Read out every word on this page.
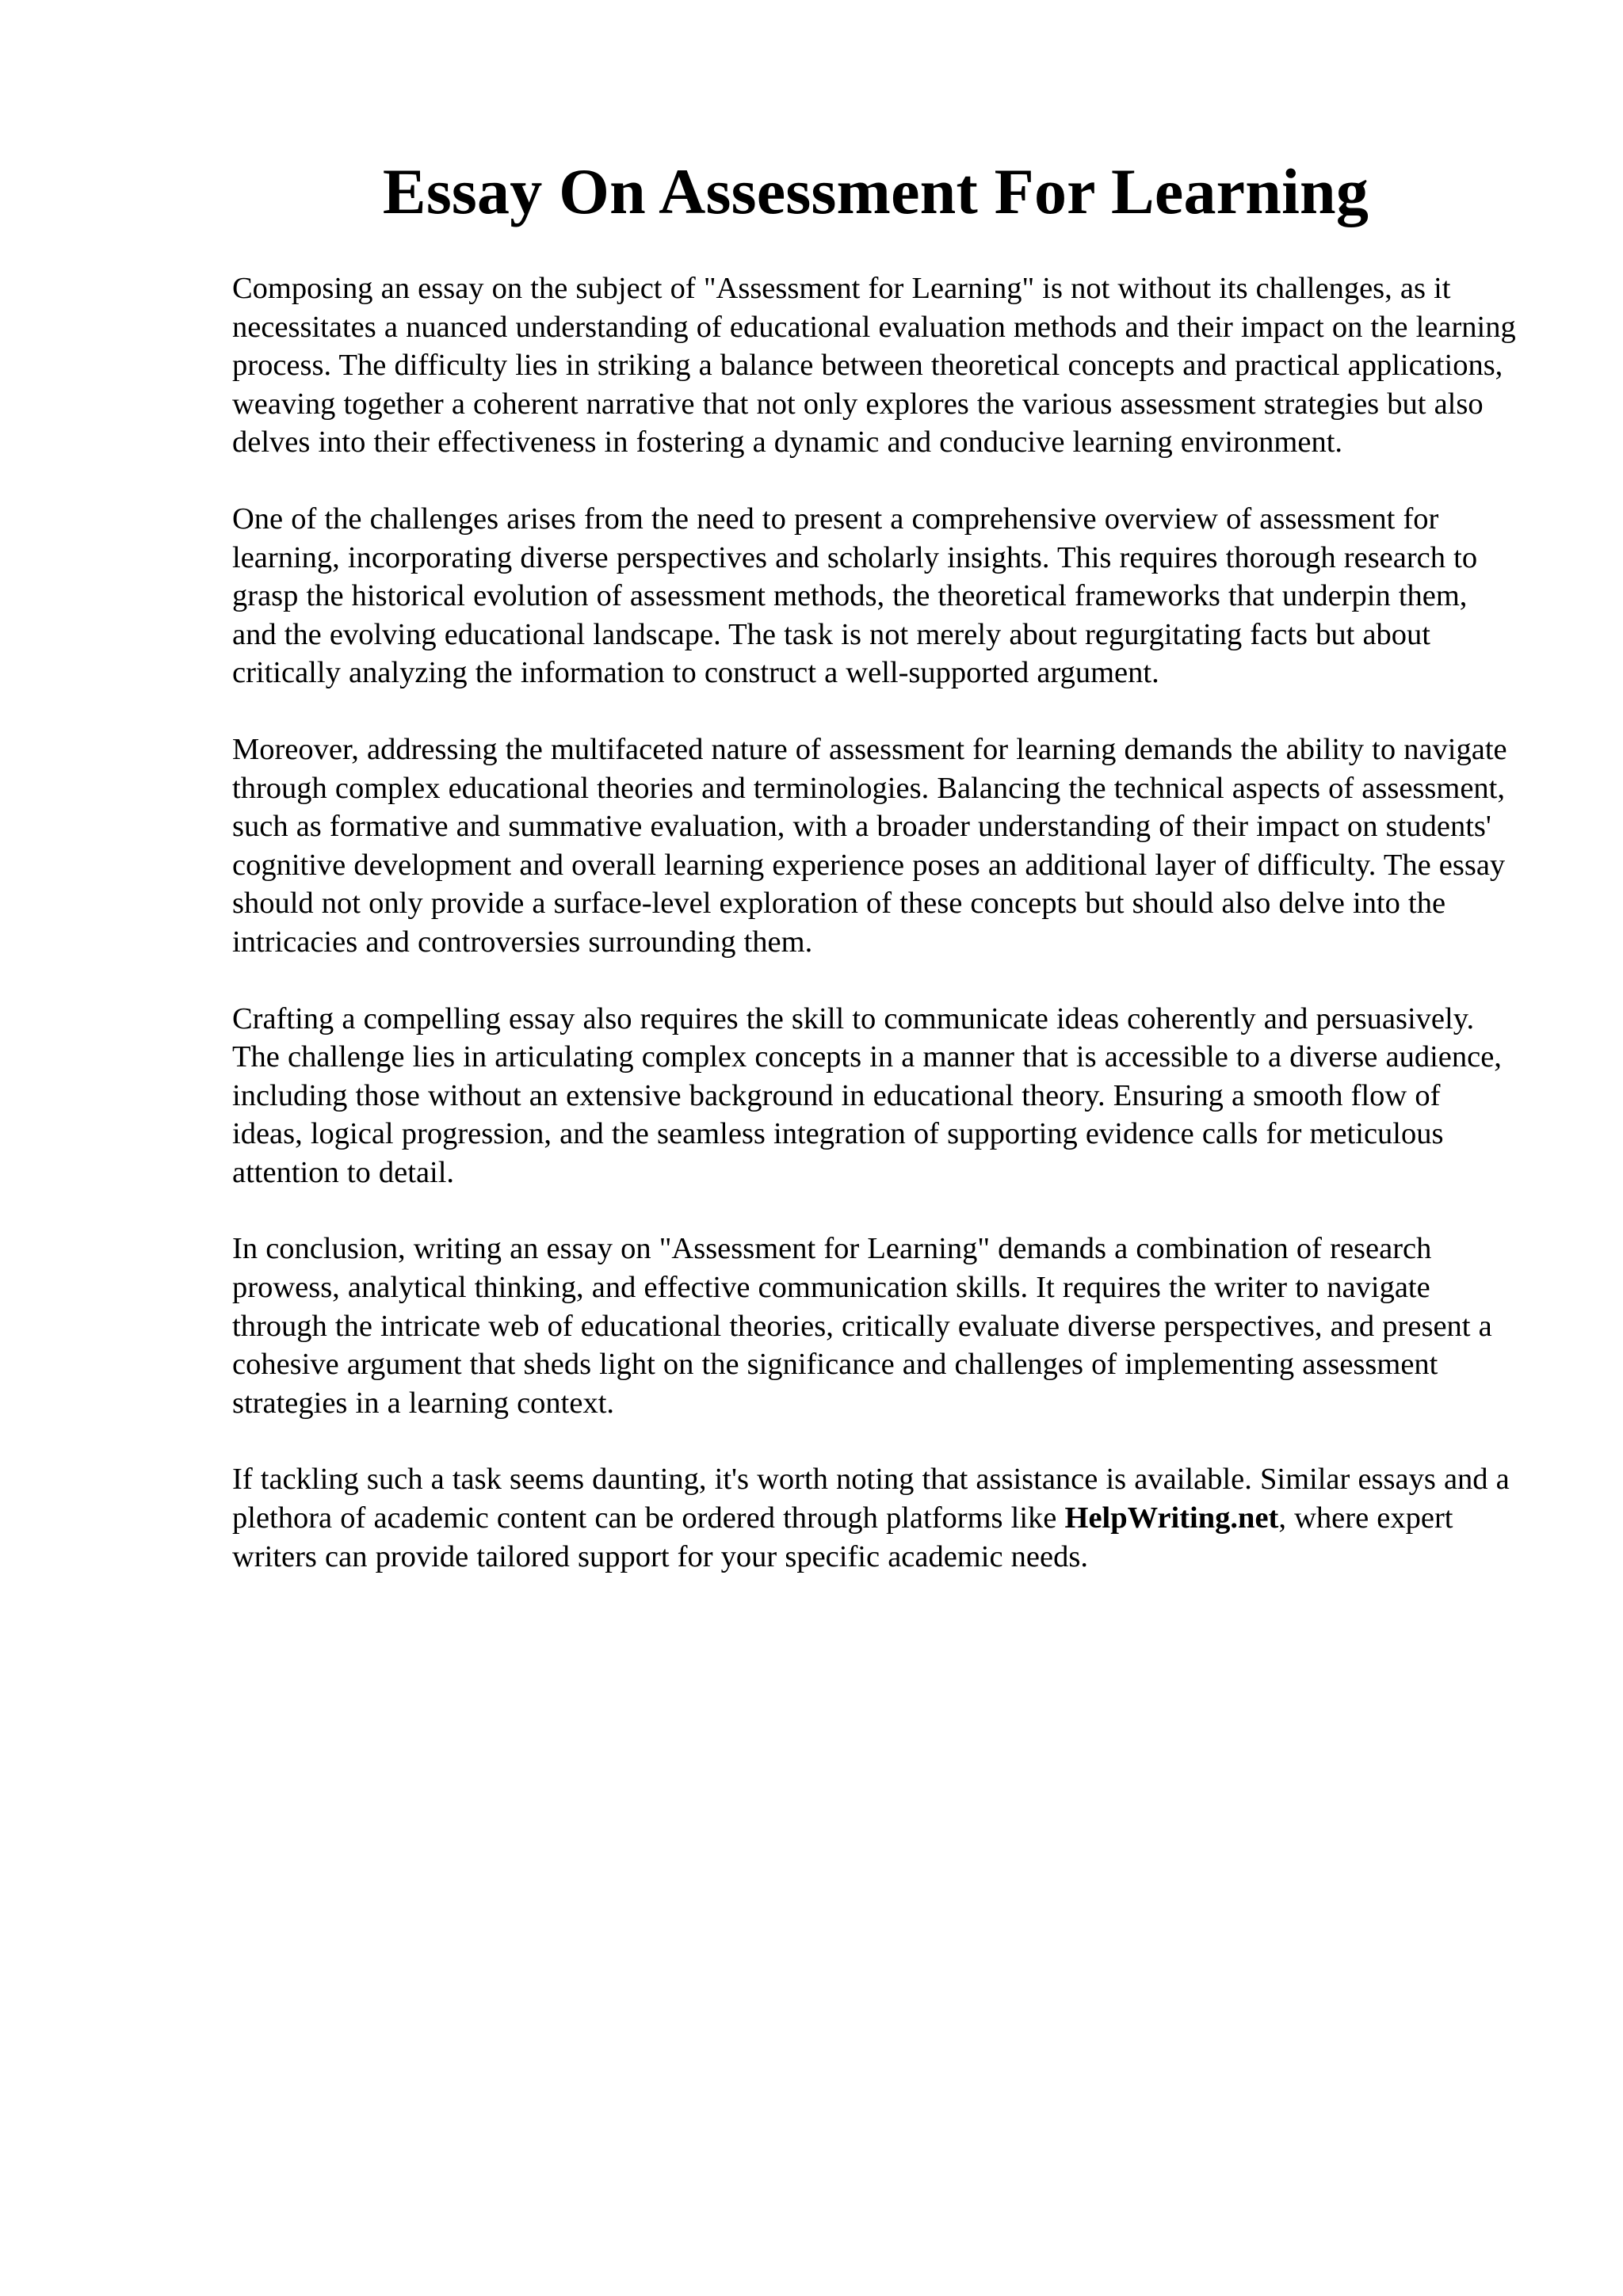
Essay On Assessment For Learning

Composing an essay on the subject of "Assessment for Learning" is not without its challenges, as it necessitates a nuanced understanding of educational evaluation methods and their impact on the learning process. The difficulty lies in striking a balance between theoretical concepts and practical applications, weaving together a coherent narrative that not only explores the various assessment strategies but also delves into their effectiveness in fostering a dynamic and conducive learning environment.

One of the challenges arises from the need to present a comprehensive overview of assessment for learning, incorporating diverse perspectives and scholarly insights. This requires thorough research to grasp the historical evolution of assessment methods, the theoretical frameworks that underpin them, and the evolving educational landscape. The task is not merely about regurgitating facts but about critically analyzing the information to construct a well-supported argument.

Moreover, addressing the multifaceted nature of assessment for learning demands the ability to navigate through complex educational theories and terminologies. Balancing the technical aspects of assessment, such as formative and summative evaluation, with a broader understanding of their impact on students' cognitive development and overall learning experience poses an additional layer of difficulty. The essay should not only provide a surface-level exploration of these concepts but should also delve into the intricacies and controversies surrounding them.

Crafting a compelling essay also requires the skill to communicate ideas coherently and persuasively. The challenge lies in articulating complex concepts in a manner that is accessible to a diverse audience, including those without an extensive background in educational theory. Ensuring a smooth flow of ideas, logical progression, and the seamless integration of supporting evidence calls for meticulous attention to detail.

In conclusion, writing an essay on "Assessment for Learning" demands a combination of research prowess, analytical thinking, and effective communication skills. It requires the writer to navigate through the intricate web of educational theories, critically evaluate diverse perspectives, and present a cohesive argument that sheds light on the significance and challenges of implementing assessment strategies in a learning context.

If tackling such a task seems daunting, it's worth noting that assistance is available. Similar essays and a plethora of academic content can be ordered through platforms like HelpWriting.net, where expert writers can provide tailored support for your specific academic needs.
